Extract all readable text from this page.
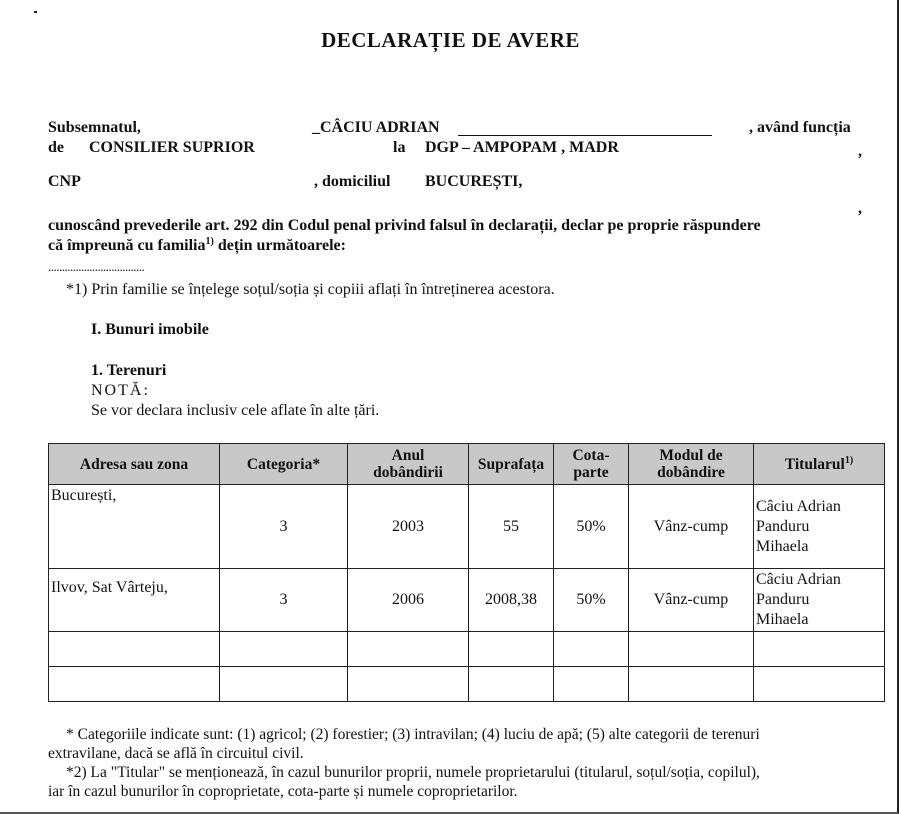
DECLARAȚIE DE AVERE
Subsemnatul,	_CÂCIU ADRIAN	, având funcția
de CONSILIER SUPRIOR	la DGP – AMPOPAM , MADR	,
CNP	, domiciliul BUCUREȘTI,
,
cunoscând prevederile art. 292 din Codul penal privind falsul în declarații, declar pe proprie răspundere
că împreună cu familia$^{1)}$ dețin următoarele:
...................................
*1) Prin familie se înțelege soțul/soția și copiii aflați în întreținerea acestora.
I. Bunuri imobile
1. Terenuri
NOTĂ:
Se vor declara inclusiv cele aflate în alte țări.
Adresa sau zona	Categoria*	Anul dobândirii	Suprafața	Cota-parte	Modul de dobândire	Titularul$^{1)}$
București,	3	2003	55	50%	Vânz-cump	Câciu Adrian
Panduru
Mihaela

Ilvov, Sat Vârteju,	3	2006	2008,38	50%	Vânz-cump	Câciu Adrian
Panduru
Mihaela

* Categoriile indicate sunt: (1) agricol; (2) forestier; (3) intravilan; (4) luciu de apă; (5) alte categorii de terenuri
extravilane, dacă se află în circuitul civil.
*2) La "Titular" se menționează, în cazul bunurilor proprii, numele proprietarului (titularul, soțul/soția, copilul),
iar în cazul bunurilor în coproprietate, cota-parte și numele coproprietarilor.
